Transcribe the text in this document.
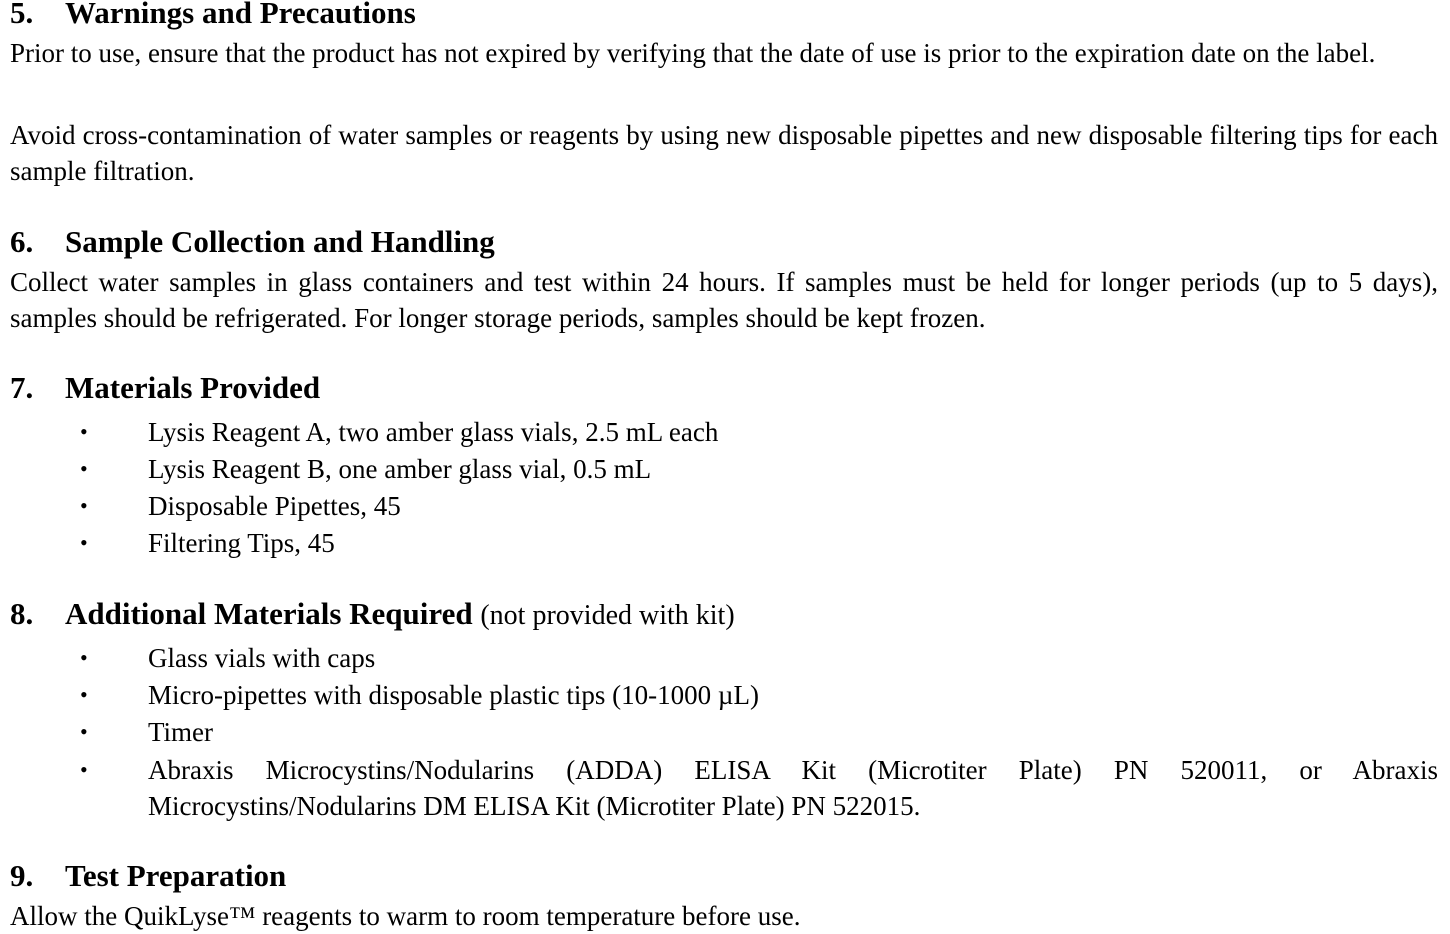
5. Warnings and Precautions
Prior to use, ensure that the product has not expired by verifying that the date of use is prior to the expiration date on the label.
Avoid cross-contamination of water samples or reagents by using new disposable pipettes and new disposable filtering tips for each sample filtration.
6. Sample Collection and Handling
Collect water samples in glass containers and test within 24 hours. If samples must be held for longer periods (up to 5 days), samples should be refrigerated. For longer storage periods, samples should be kept frozen.
7. Materials Provided
• Lysis Reagent A, two amber glass vials, 2.5 mL each
• Lysis Reagent B, one amber glass vial, 0.5 mL
• Disposable Pipettes, 45
• Filtering Tips, 45
8. Additional Materials Required (not provided with kit)
• Glass vials with caps
• Micro-pipettes with disposable plastic tips (10-1000 µL)
• Timer
• Abraxis Microcystins/Nodularins (ADDA) ELISA Kit (Microtiter Plate) PN 520011, or Abraxis Microcystins/Nodularins DM ELISA Kit (Microtiter Plate) PN 522015.
9. Test Preparation
Allow the QuikLyse™ reagents to warm to room temperature before use.
